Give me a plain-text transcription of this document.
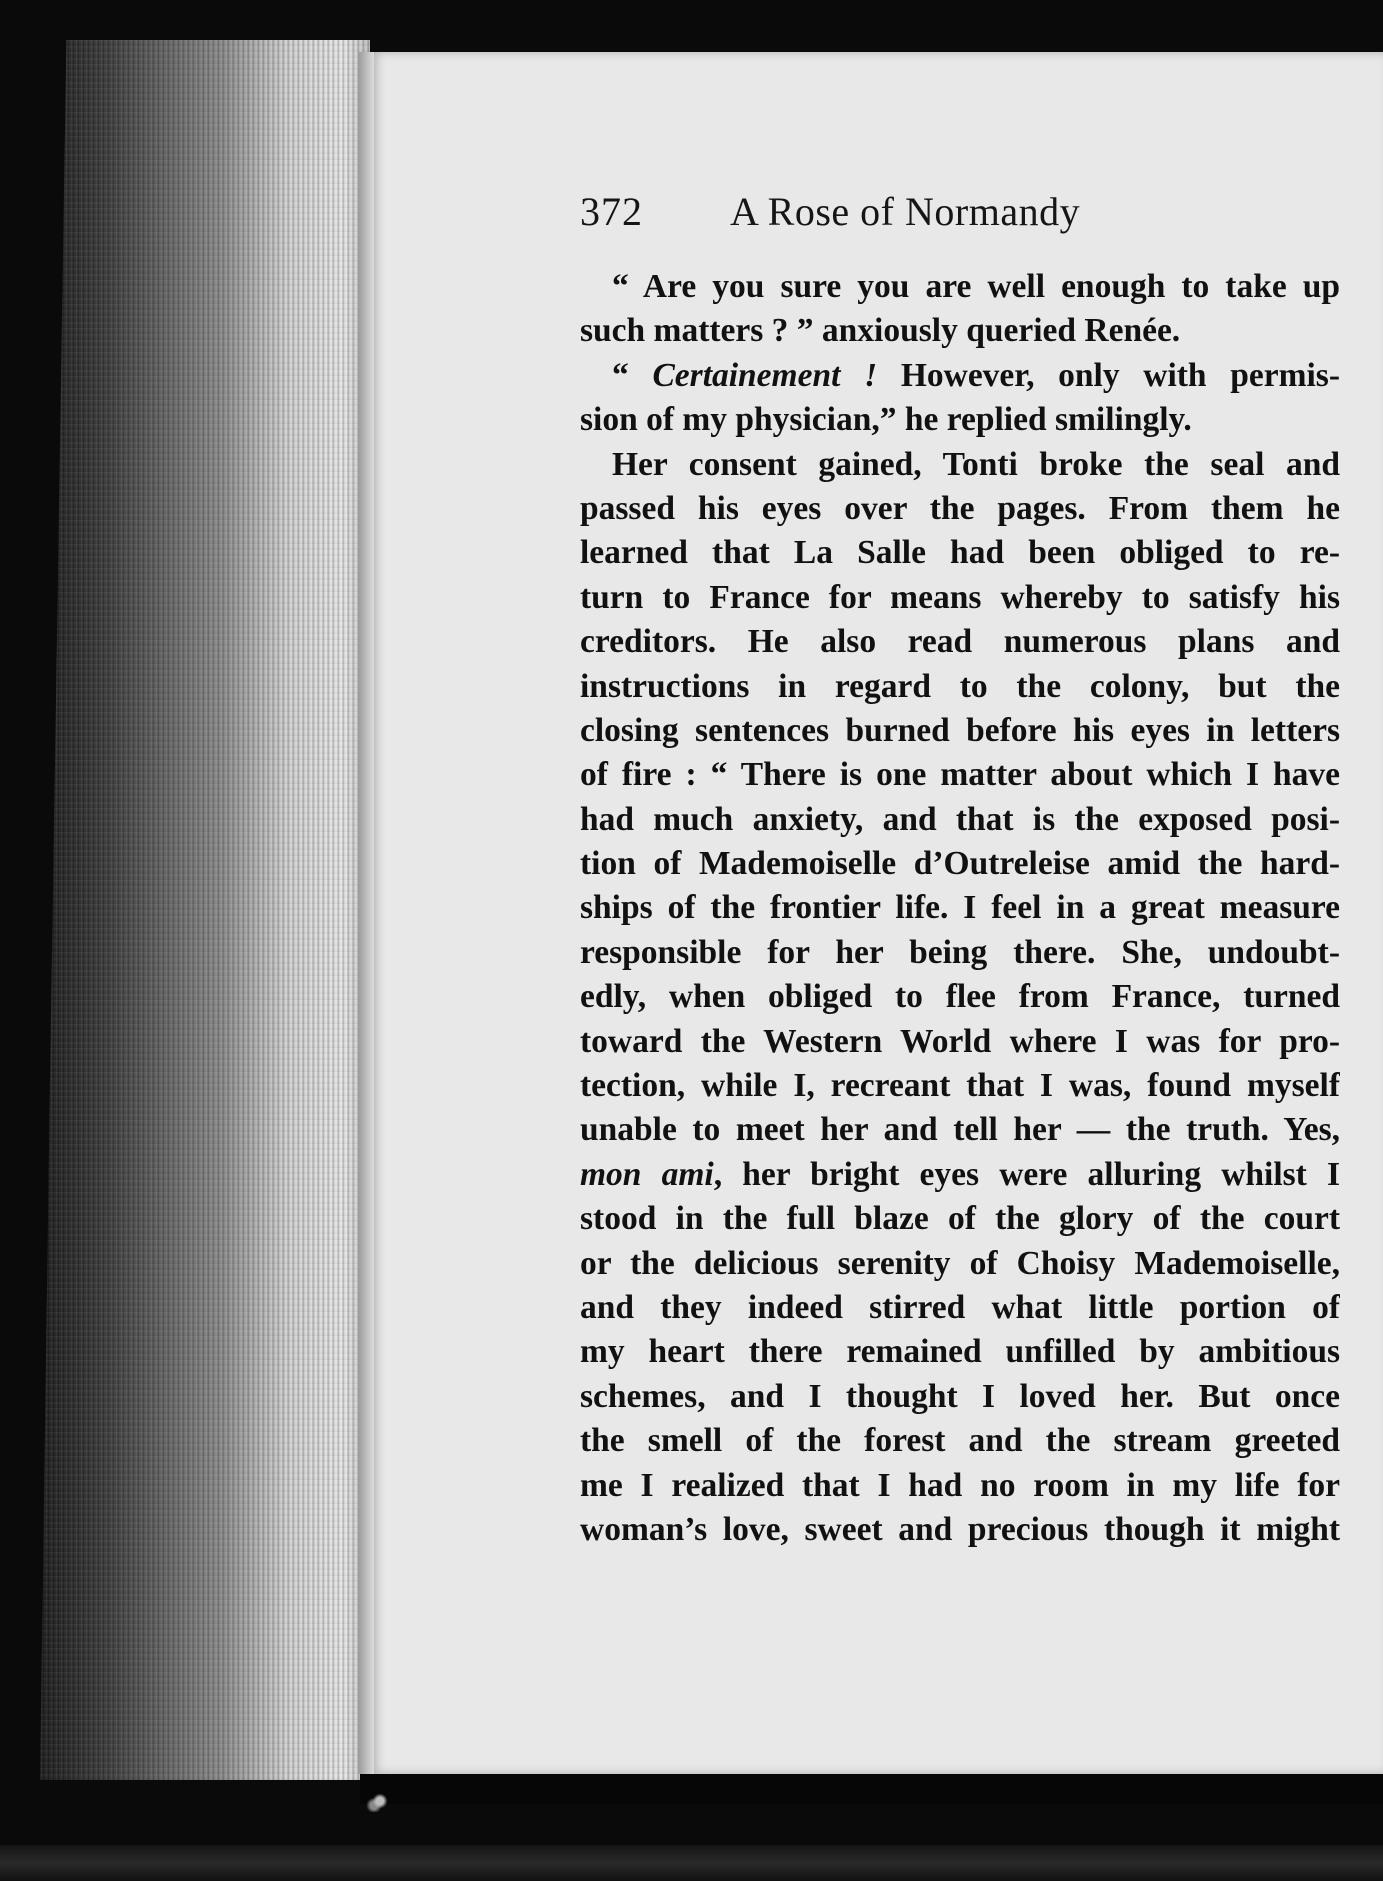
372 A Rose of Normandy
“ Are you sure you are well enough to take up
such matters ? ” anxiously queried Renée.
“ Certainement ! However, only with permis-
sion of my physician,” he replied smilingly.
Her consent gained, Tonti broke the seal and
passed his eyes over the pages. From them he
learned that La Salle had been obliged to re-
turn to France for means whereby to satisfy his
creditors. He also read numerous plans and
instructions in regard to the colony, but the
closing sentences burned before his eyes in letters
of fire : “ There is one matter about which I have
had much anxiety, and that is the exposed posi-
tion of Mademoiselle d’Outreleise amid the hard-
ships of the frontier life. I feel in a great measure
responsible for her being there. She, undoubt-
edly, when obliged to flee from France, turned
toward the Western World where I was for pro-
tection, while I, recreant that I was, found myself
unable to meet her and tell her — the truth. Yes,
mon ami, her bright eyes were alluring whilst I
stood in the full blaze of the glory of the court
or the delicious serenity of Choisy Mademoiselle,
and they indeed stirred what little portion of
my heart there remained unfilled by ambitious
schemes, and I thought I loved her. But once
the smell of the forest and the stream greeted
me I realized that I had no room in my life for
woman’s love, sweet and precious though it might
